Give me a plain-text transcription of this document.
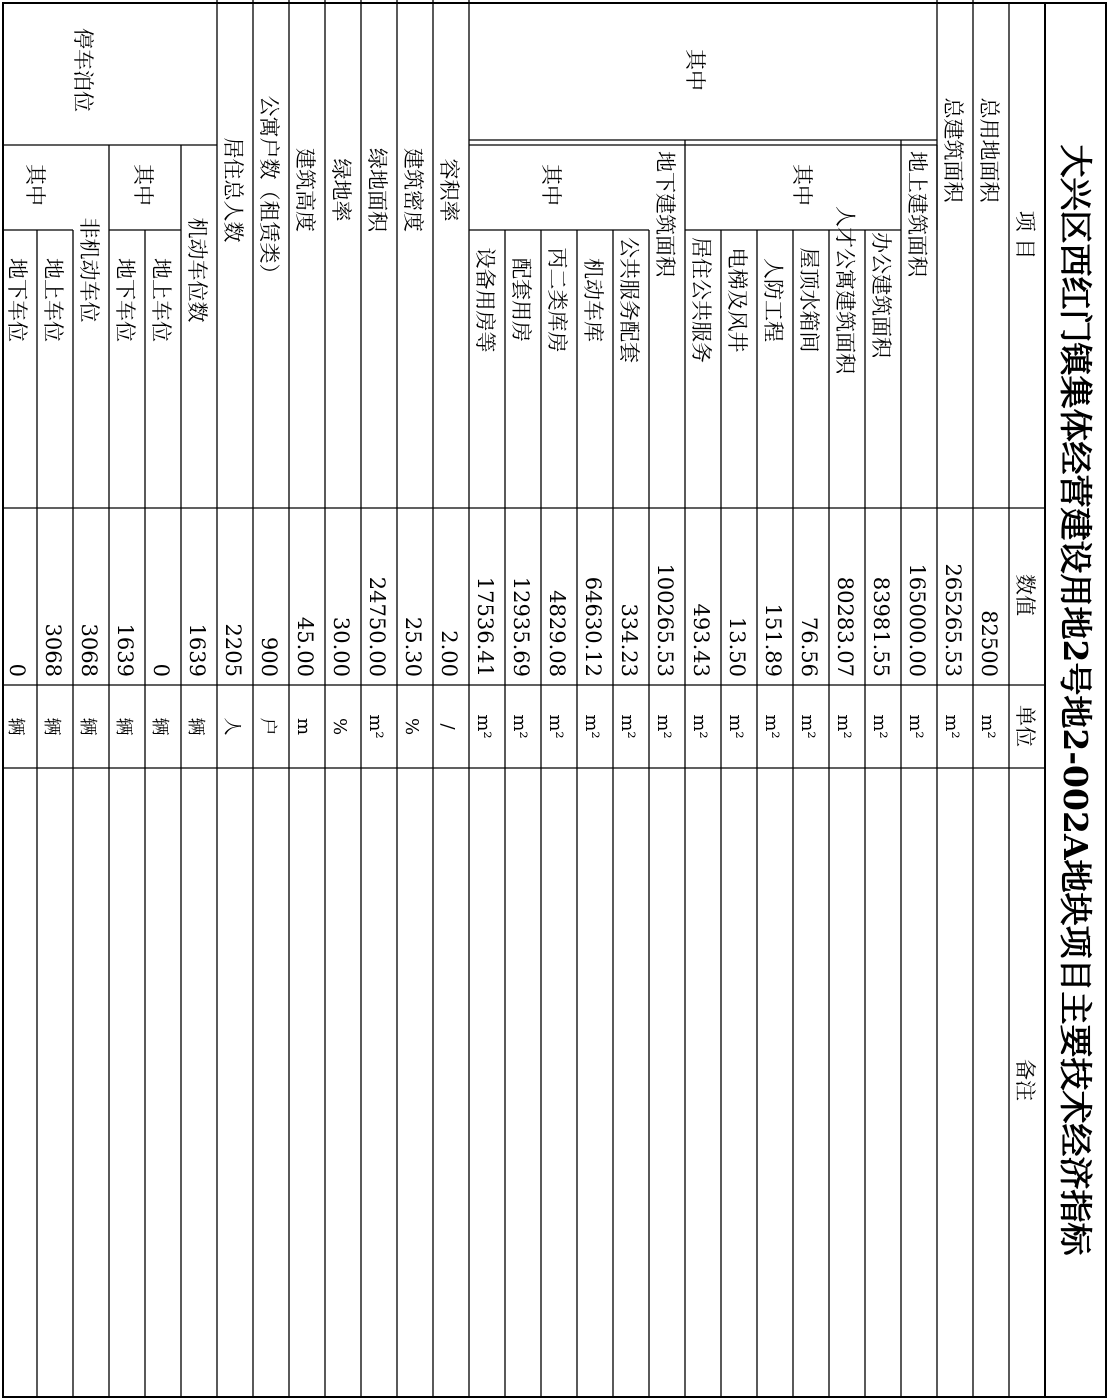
大兴区西红门镇集体经营建设用地2号地2-002A地块项目主要技术经济指标
项 目
数值
单位
备注
其中
其中
其中
停车泊位
其中
其中	总用地面积
82500
m²
总建筑面积
265265.53
m²
地上建筑面积
165000.00
m²
办公建筑面积
83981.55
m²
人才公寓建筑面积
80283.07
m²
屋顶水箱间
76.56
m²
人防工程
151.89
m²
电梯及风井
13.50
m²
居住公共服务
493.43
m²
地下建筑面积
100265.53
m²
公共服务配套
334.23
m²
机动车库
64630.12
m²
丙二类库房
4829.08
m²
配套用房
12935.69
m²
设备用房等
17536.41
m²
容积率
2.00
/
建筑密度
25.30
%
绿地面积
24750.00
m²
绿地率
30.00
%
建筑高度
45.00
m
公寓户数（租赁类）
900
户
居住总人数
2205
人
机动车位数
1639
辆
地上车位
0
辆
地下车位
1639
辆
非机动车位
3068
辆
地上车位
3068
辆
地下车位
0
辆
